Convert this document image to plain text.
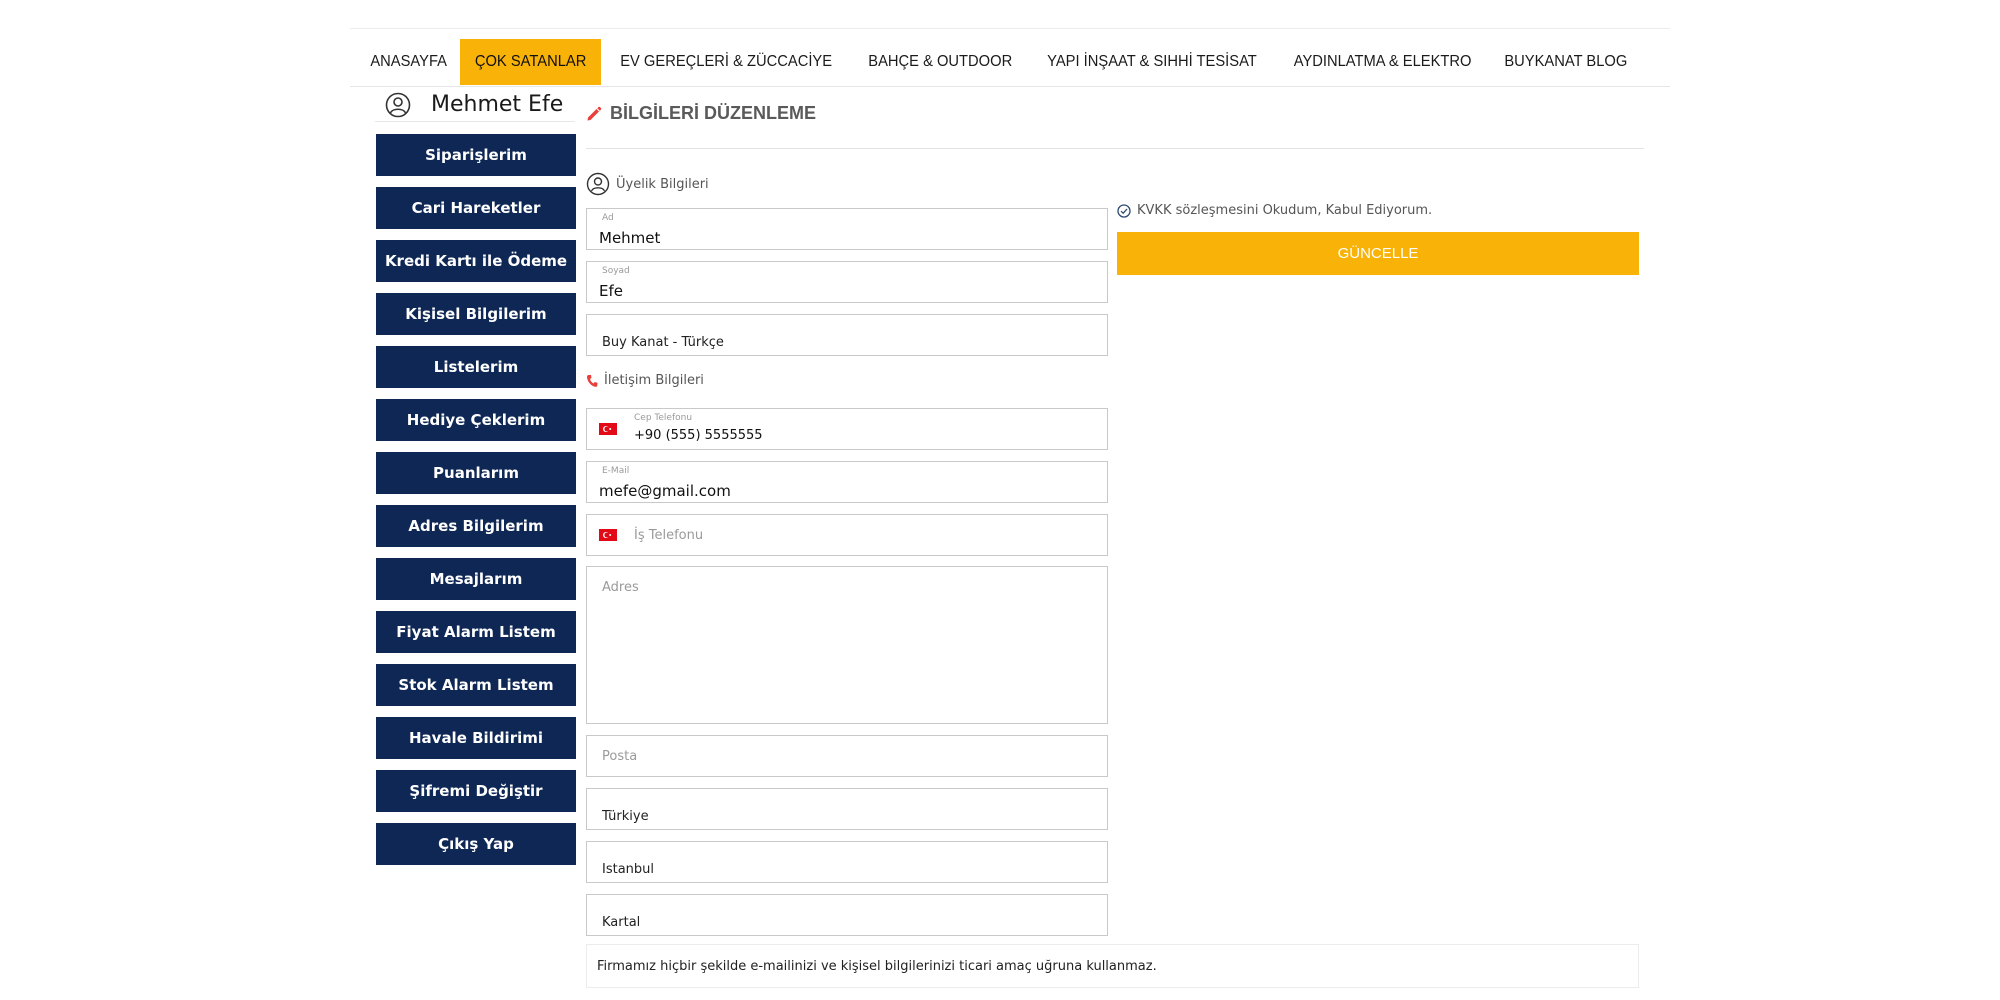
ANASAYFA ÇOK SATANLAR EV GEREÇLERİ & ZÜCCACİYE BAHÇE & OUTDOOR YAPI İNŞAAT & SIHHİ TESİSAT AYDINLATMA & ELEKTRO BUYKANAT BLOG
Mehmet Efe
Siparişlerim
Cari Hareketler
Kredi Kartı ile Ödeme
Kişisel Bilgilerim
Listelerim
Hediye Çeklerim
Puanlarım
Adres Bilgilerim
Mesajlarım
Fiyat Alarm Listem
Stok Alarm Listem
Havale Bildirimi
Şifremi Değiştir
Çıkış Yap
BİLGİLERİ DÜZENLEME
Üyelik Bilgileri
Ad
Mehmet
Soyad
Efe
Buy Kanat - Türkçe
İletişim Bilgileri
Cep Telefonu
+90 (555) 5555555
E-Mail
mefe@gmail.com
İş Telefonu
Adres
Posta
Türkiye
Istanbul
Kartal
KVKK sözleşmesini Okudum, Kabul Ediyorum.
GÜNCELLE
Firmamız hiçbir şekilde e-mailinizi ve kişisel bilgilerinizi ticari amaç uğruna kullanmaz.
